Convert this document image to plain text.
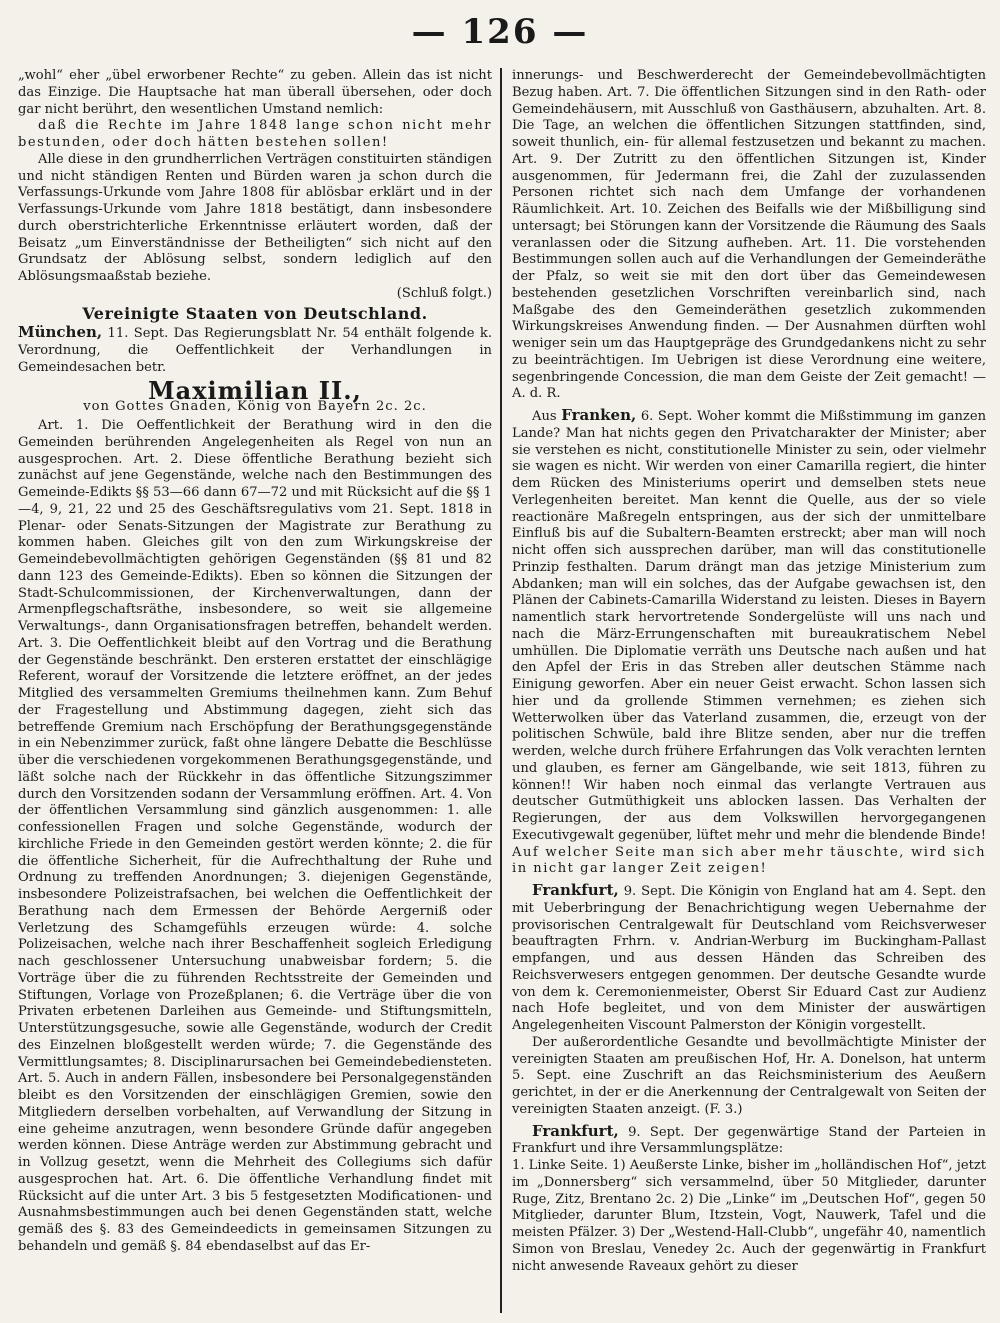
— 126 —

„wohl“ eher „übel erworbener Rechte“ zu geben. Allein das ist nicht das Einzige. Die Hauptsache hat man überall übersehen, oder doch gar nicht berührt, den wesentlichen Umstand nemlich:

daß die Rechte im Jahre 1848 lange schon nicht mehr bestunden, oder doch hätten bestehen sollen!

Alle diese in den grundherrlichen Verträgen constituirten ständigen und nicht ständigen Renten und Bürden waren ja schon durch die Verfassungs-Urkunde vom Jahre 1808 für ablösbar erklärt und in der Verfassungs-Urkunde vom Jahre 1818 bestätigt, dann insbesondere durch oberstrichterliche Erkenntnisse erläutert worden, daß der Beisatz „um Einverständnisse der Betheiligten“ sich nicht auf den Grundsatz der Ablösung selbst, sondern lediglich auf den Ablösungsmaaßstab beziehe.

(Schluß folgt.)

Vereinigte Staaten von Deutschland.

München, 11. Sept. Das Regierungsblatt Nr. 54 enthält folgende k. Verordnung, die Oeffentlichkeit der Verhandlungen in Gemeindesachen betr.

Maximilian II.,
von Gottes Gnaden, König von Bayern 2c. 2c.

Art. 1. Die Oeffentlichkeit der Berathung wird in den die Gemeinden berührenden Angelegenheiten als Regel von nun an ausgesprochen. Art. 2. Diese öffentliche Berathung bezieht sich zunächst auf jene Gegenstände, welche nach den Bestimmungen des Gemeinde-Edikts §§ 53—66 dann 67—72 und mit Rücksicht auf die §§ 1—4, 9, 21, 22 und 25 des Geschäftsregulativs vom 21. Sept. 1818 in Plenar- oder Senats-Sitzungen der Magistrate zur Berathung zu kommen haben. Gleiches gilt von den zum Wirkungskreise der Gemeindebevollmächtigten gehörigen Gegenständen (§§ 81 und 82 dann 123 des Gemeinde-Edikts). Eben so können die Sitzungen der Stadt-Schulcommissionen, der Kirchenverwaltungen, dann der Armenpflegschaftsräthe, insbesondere, so weit sie allgemeine Verwaltungs-, dann Organisationsfragen betreffen, behandelt werden. Art. 3. Die Oeffentlichkeit bleibt auf den Vortrag und die Berathung der Gegenstände beschränkt. Den ersteren erstattet der einschlägige Referent, worauf der Vorsitzende die letztere eröffnet, an der jedes Mitglied des versammelten Gremiums theilnehmen kann. Zum Behuf der Fragestellung und Abstimmung dagegen, zieht sich das betreffende Gremium nach Erschöpfung der Berathungsgegenstände in ein Nebenzimmer zurück, faßt ohne längere Debatte die Beschlüsse über die verschiedenen vorgekommenen Berathungsgegenstände, und läßt solche nach der Rückkehr in das öffentliche Sitzungszimmer durch den Vorsitzenden sodann der Versammlung eröffnen. Art. 4. Von der öffentlichen Versammlung sind gänzlich ausgenommen: 1. alle confessionellen Fragen und solche Gegenstände, wodurch der kirchliche Friede in den Gemeinden gestört werden könnte; 2. die für die öffentliche Sicherheit, für die Aufrechthaltung der Ruhe und Ordnung zu treffenden Anordnungen; 3. diejenigen Gegenstände, insbesondere Polizeistrafsachen, bei welchen die Oeffentlichkeit der Berathung nach dem Ermessen der Behörde Aergerniß oder Verletzung des Schamgefühls erzeugen würde: 4. solche Polizeisachen, welche nach ihrer Beschaffenheit sogleich Erledigung nach geschlossener Untersuchung unabweisbar fordern; 5. die Vorträge über die zu führenden Rechtsstreite der Gemeinden und Stiftungen, Vorlage von Prozeßplanen; 6. die Verträge über die von Privaten erbetenen Darleihen aus Gemeinde- und Stiftungsmitteln, Unterstützungsgesuche, sowie alle Gegenstände, wodurch der Credit des Einzelnen bloßgestellt werden würde; 7. die Gegenstände des Vermittlungsamtes; 8. Disciplinarursachen bei Gemeindebediensteten. Art. 5. Auch in andern Fällen, insbesondere bei Personalgegenständen bleibt es den Vorsitzenden der einschlägigen Gremien, sowie den Mitgliedern derselben vorbehalten, auf Verwandlung der Sitzung in eine geheime anzutragen, wenn besondere Gründe dafür angegeben werden können. Diese Anträge werden zur Abstimmung gebracht und in Vollzug gesetzt, wenn die Mehrheit des Collegiums sich dafür ausgesprochen hat. Art. 6. Die öffentliche Verhandlung findet mit Rücksicht auf die unter Art. 3 bis 5 festgesetzten Modificationen- und Ausnahmsbestimmungen auch bei denen Gegenständen statt, welche gemäß des §. 83 des Gemeindeedicts in gemeinsamen Sitzungen zu behandeln und gemäß §. 84 ebendaselbst auf das Er-

innerungs- und Beschwerderecht der Gemeindebevollmächtigten Bezug haben. Art. 7. Die öffentlichen Sitzungen sind in den Rath- oder Gemeindehäusern, mit Ausschluß von Gasthäusern, abzuhalten. Art. 8. Die Tage, an welchen die öffentlichen Sitzungen stattfinden, sind, soweit thunlich, ein- für allemal festzusetzen und bekannt zu machen. Art. 9. Der Zutritt zu den öffentlichen Sitzungen ist, Kinder ausgenommen, für Jedermann frei, die Zahl der zuzulassenden Personen richtet sich nach dem Umfange der vorhandenen Räumlichkeit. Art. 10. Zeichen des Beifalls wie der Mißbilligung sind untersagt; bei Störungen kann der Vorsitzende die Räumung des Saals veranlassen oder die Sitzung aufheben. Art. 11. Die vorstehenden Bestimmungen sollen auch auf die Verhandlungen der Gemeinderäthe der Pfalz, so weit sie mit den dort über das Gemeindewesen bestehenden gesetzlichen Vorschriften vereinbarlich sind, nach Maßgabe des den Gemeinderäthen gesetzlich zukommenden Wirkungskreises Anwendung finden. — Der Ausnahmen dürften wohl weniger sein um das Hauptgepräge des Grundgedankens nicht zu sehr zu beeinträchtigen. Im Uebrigen ist diese Verordnung eine weitere, segenbringende Concession, die man dem Geiste der Zeit gemacht! — A. d. R.

Aus Franken, 6. Sept. Woher kommt die Mißstimmung im ganzen Lande? Man hat nichts gegen den Privatcharakter der Minister; aber sie verstehen es nicht, constitutionelle Minister zu sein, oder vielmehr sie wagen es nicht. Wir werden von einer Camarilla regiert, die hinter dem Rücken des Ministeriums operirt und demselben stets neue Verlegenheiten bereitet. Man kennt die Quelle, aus der so viele reactionäre Maßregeln entspringen, aus der sich der unmittelbare Einfluß bis auf die Subaltern-Beamten erstreckt; aber man will noch nicht offen sich aussprechen darüber, man will das constitutionelle Prinzip festhalten. Darum drängt man das jetzige Ministerium zum Abdanken; man will ein solches, das der Aufgabe gewachsen ist, den Plänen der Cabinets-Camarilla Widerstand zu leisten. Dieses in Bayern namentlich stark hervortretende Sondergelüste will uns nach und nach die März-Errungenschaften mit bureaukratischem Nebel umhüllen. Die Diplomatie verräth uns Deutsche nach außen und hat den Apfel der Eris in das Streben aller deutschen Stämme nach Einigung geworfen. Aber ein neuer Geist erwacht. Schon lassen sich hier und da grollende Stimmen vernehmen; es ziehen sich Wetterwolken über das Vaterland zusammen, die, erzeugt von der politischen Schwüle, bald ihre Blitze senden, aber nur die treffen werden, welche durch frühere Erfahrungen das Volk verachten lernten und glauben, es ferner am Gängelbande, wie seit 1813, führen zu können!! Wir haben noch einmal das verlangte Vertrauen aus deutscher Gutmüthigkeit uns ablocken lassen. Das Verhalten der Regierungen, der aus dem Volkswillen hervorgegangenen Executivgewalt gegenüber, lüftet mehr und mehr die blendende Binde! Auf welcher Seite man sich aber mehr täuschte, wird sich in nicht gar langer Zeit zeigen!

Frankfurt, 9. Sept. Die Königin von England hat am 4. Sept. den mit Ueberbringung der Benachrichtigung wegen Uebernahme der provisorischen Centralgewalt für Deutschland vom Reichsverweser beauftragten Frhrn. v. Andrian-Werburg im Buckingham-Pallast empfangen, und aus dessen Händen das Schreiben des Reichsverwesers entgegen genommen. Der deutsche Gesandte wurde von dem k. Ceremonienmeister, Oberst Sir Eduard Cast zur Audienz nach Hofe begleitet, und von dem Minister der auswärtigen Angelegenheiten Viscount Palmerston der Königin vorgestellt.

Der außerordentliche Gesandte und bevollmächtigte Minister der vereinigten Staaten am preußischen Hof, Hr. A. Donelson, hat unterm 5. Sept. eine Zuschrift an das Reichsministerium des Aeußern gerichtet, in der er die Anerkennung der Centralgewalt von Seiten der vereinigten Staaten anzeigt. (F. 3.)

Frankfurt, 9. Sept. Der gegenwärtige Stand der Parteien in Frankfurt und ihre Versammlungsplätze:

1. Linke Seite. 1) Aeußerste Linke, bisher im „holländischen Hof“, jetzt im „Donnersberg“ sich versammelnd, über 50 Mitglieder, darunter Ruge, Zitz, Brentano 2c. 2) Die „Linke“ im „Deutschen Hof“, gegen 50 Mitglieder, darunter Blum, Itzstein, Vogt, Nauwerk, Tafel und die meisten Pfälzer. 3) Der „Westend-Hall-Clubb“, ungefähr 40, namentlich Simon von Breslau, Venedey 2c. Auch der gegenwärtig in Frankfurt nicht anwesende Raveaux gehört zu dieser
